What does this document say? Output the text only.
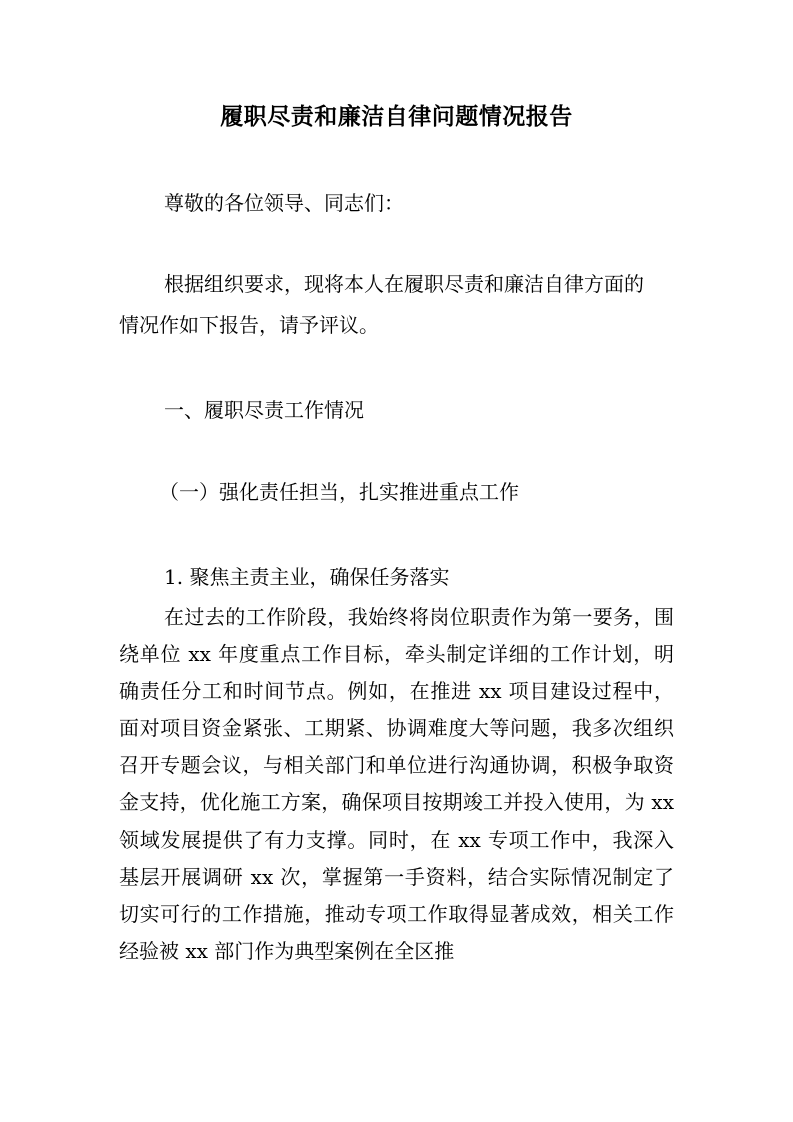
履职尽责和廉洁自律问题情况报告
尊敬的各位领导、同志们：
根据组织要求，现将本人在履职尽责和廉洁自律方面的
情况作如下报告，请予评议。
一、履职尽责工作情况
（一）强化责任担当，扎实推进重点工作
1. 聚焦主责主业，确保任务落实
在过去的工作阶段，我始终将岗位职责作为第一要务，围绕单位 xx 年度重点工作目标，牵头制定详细的工作计划，明确责任分工和时间节点。例如，在推进 xx 项目建设过程中，面对项目资金紧张、工期紧、协调难度大等问题，我多次组织召开专题会议，与相关部门和单位进行沟通协调，积极争取资金支持，优化施工方案，确保项目按期竣工并投入使用，为 xx 领域发展提供了有力支撑。同时，在 xx 专项工作中，我深入基层开展调研 xx 次，掌握第一手资料，结合实际情况制定了切实可行的工作措施，推动专项工作取得显著成效，相关工作经验被 xx 部门作为典型案例在全区推
